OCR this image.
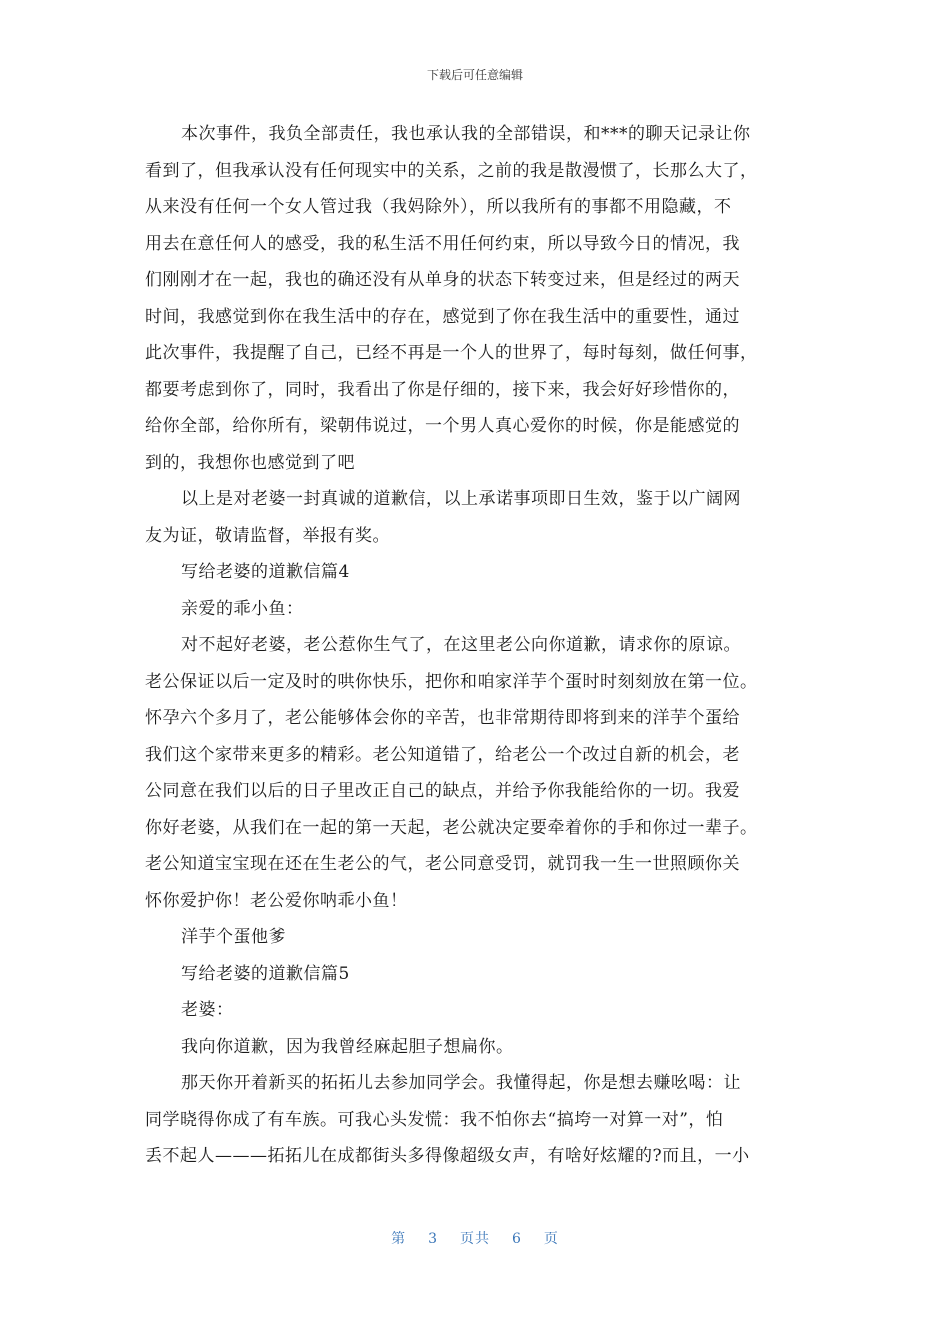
下载后可任意编辑
本次事件，我负全部责任，我也承认我的全部错误，和***的聊天记录让你
看到了，但我承认没有任何现实中的关系，之前的我是散漫惯了，长那么大了，
从来没有任何一个女人管过我（我妈除外），所以我所有的事都不用隐藏，不
用去在意任何人的感受，我的私生活不用任何约束，所以导致今日的情况，我
们刚刚才在一起，我也的确还没有从单身的状态下转变过来，但是经过的两天
时间，我感觉到你在我生活中的存在，感觉到了你在我生活中的重要性，通过
此次事件，我提醒了自己，已经不再是一个人的世界了，每时每刻，做任何事，
都要考虑到你了，同时，我看出了你是仔细的，接下来，我会好好珍惜你的，
给你全部，给你所有，梁朝伟说过，一个男人真心爱你的时候，你是能感觉的
到的，我想你也感觉到了吧
以上是对老婆一封真诚的道歉信，以上承诺事项即日生效，鉴于以广阔网
友为证，敬请监督，举报有奖。
写给老婆的道歉信篇4
亲爱的乖小鱼：
对不起好老婆，老公惹你生气了，在这里老公向你道歉，请求你的原谅。
老公保证以后一定及时的哄你快乐，把你和咱家洋芋个蛋时时刻刻放在第一位。
怀孕六个多月了，老公能够体会你的辛苦，也非常期待即将到来的洋芋个蛋给
我们这个家带来更多的精彩。老公知道错了，给老公一个改过自新的机会，老
公同意在我们以后的日子里改正自己的缺点，并给予你我能给你的一切。我爱
你好老婆，从我们在一起的第一天起，老公就决定要牵着你的手和你过一辈子。
老公知道宝宝现在还在生老公的气，老公同意受罚，就罚我一生一世照顾你关
怀你爱护你！老公爱你呐乖小鱼！
洋芋个蛋他爹
写给老婆的道歉信篇5
老婆：
我向你道歉，因为我曾经麻起胆子想扁你。
那天你开着新买的拓拓儿去参加同学会。我懂得起，你是想去赚吆喝：让
同学晓得你成了有车族。可我心头发慌：我不怕你去“搞垮一对算一对”，怕
丢不起人———拓拓儿在成都街头多得像超级女声，有啥好炫耀的?而且，一小
第 3 页共 6 页
